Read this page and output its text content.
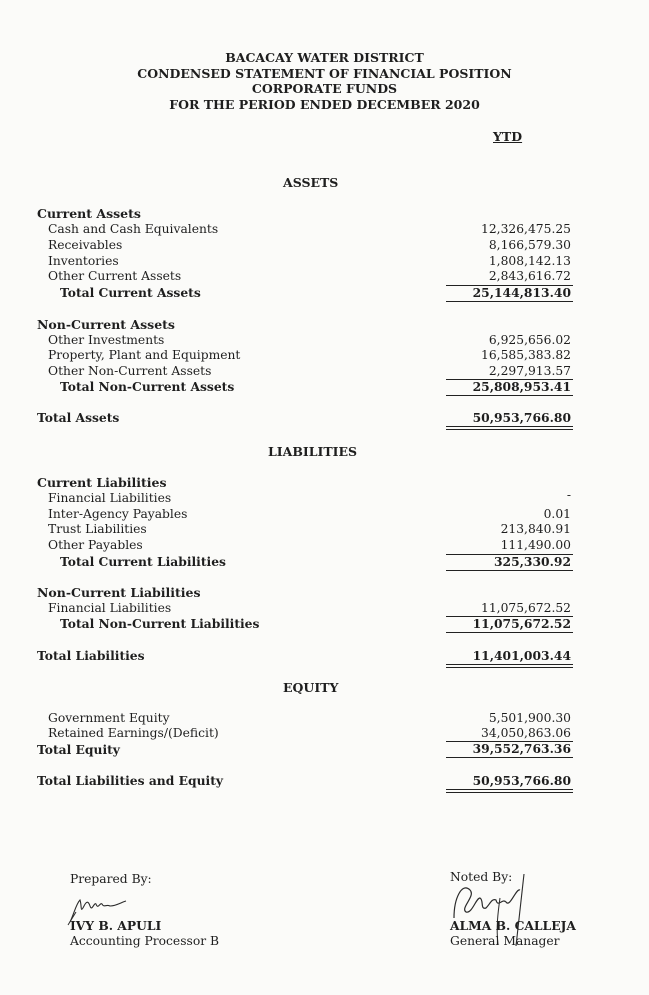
BACACAY WATER DISTRICT
CONDENSED STATEMENT OF FINANCIAL POSITION
CORPORATE FUNDS
FOR THE PERIOD ENDED DECEMBER 2020
YTD
ASSETS
Current Assets
Cash and Cash Equivalents	12,326,475.25
Receivables	8,166,579.30
Inventories	1,808,142.13
Other Current Assets	2,843,616.72
Total Current Assets	25,144,813.40
Non-Current Assets
Other Investments	6,925,656.02
Property, Plant and Equipment	16,585,383.82
Other Non-Current Assets	2,297,913.57
Total Non-Current Assets	25,808,953.41
Total Assets	50,953,766.80
LIABILITIES
Current Liabilities
Financial Liabilities	-
Inter-Agency Payables	0.01
Trust Liabilities	213,840.91
Other Payables	111,490.00
Total Current Liabilities	325,330.92
Non-Current Liabilities
Financial Liabilities	11,075,672.52
Total Non-Current Liabilities	11,075,672.52
Total Liabilities	11,401,003.44
EQUITY
Government Equity	5,501,900.30
Retained Earnings/(Deficit)	34,050,863.06
Total Equity	39,552,763.36
Total Liabilities and Equity	50,953,766.80
Prepared By:
IVY B. APULI
Accounting Processor B
Noted By:
ALMA B. CALLEJA
General Manager
